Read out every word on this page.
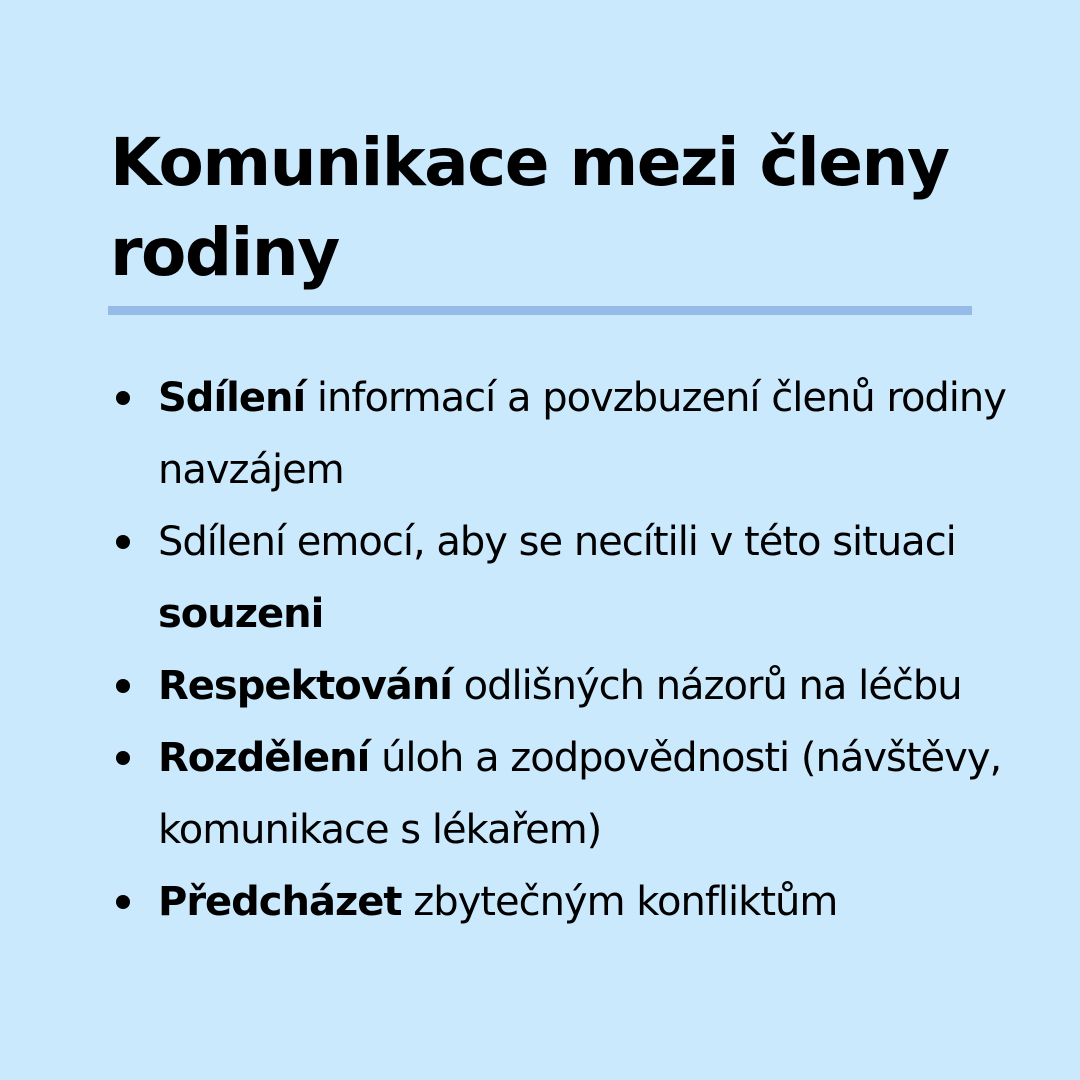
Komunikace mezi členy rodiny
Sdílení informací a povzbuzení členů rodiny navzájem
Sdílení emocí, aby se necítili v této situaci souzeni
Respektování odlišných názorů na léčbu
Rozdělení úloh a zodpovědnosti (návštěvy, komunikace s lékařem)
Předcházet zbytečným konfliktům
